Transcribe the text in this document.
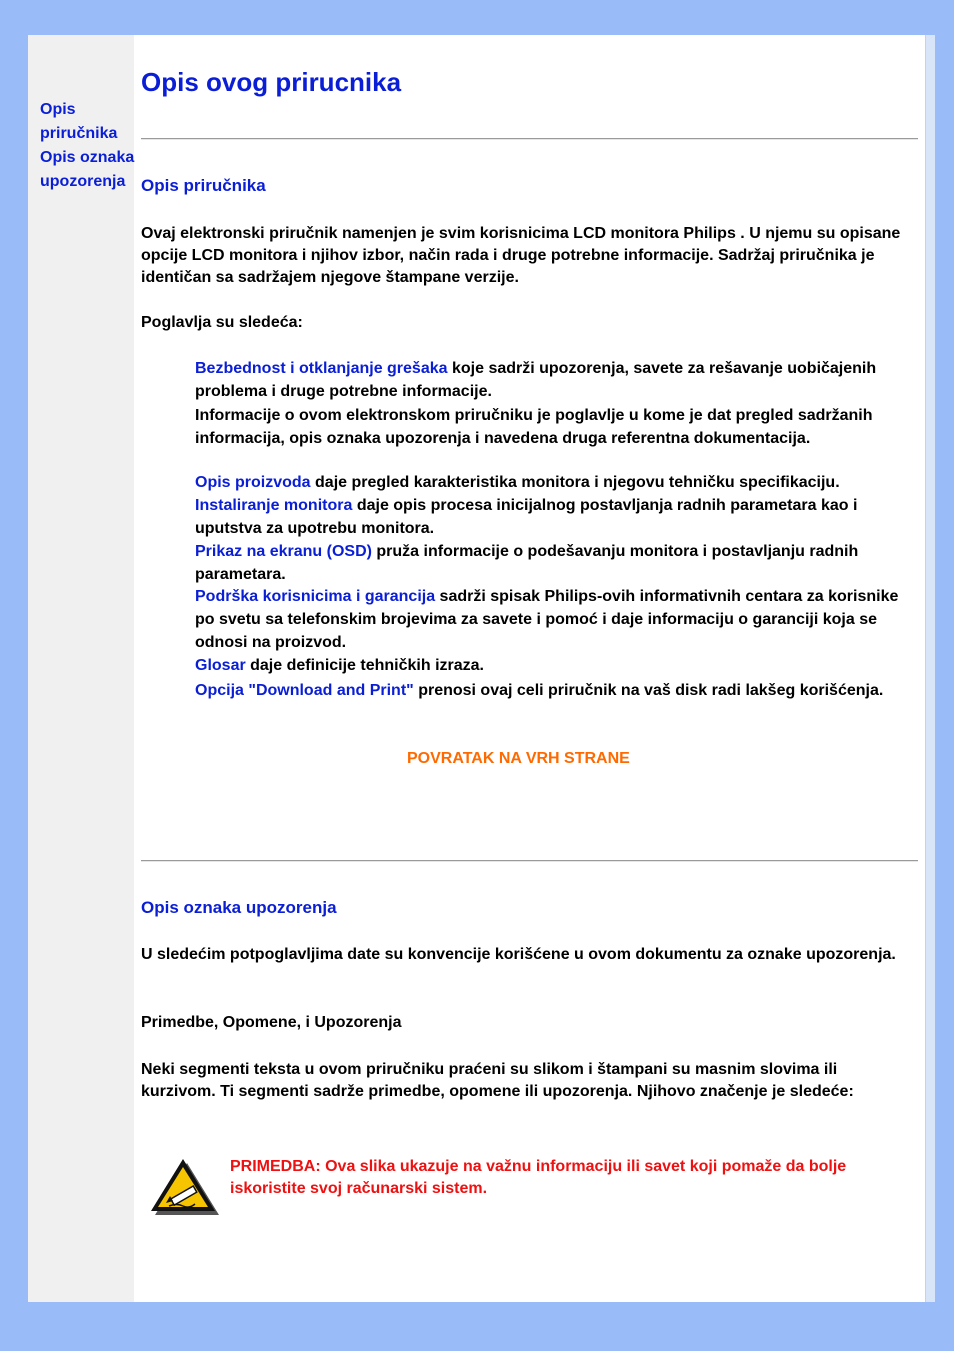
Opis priručnika
Opis oznaka upozorenja
Opis ovog prirucnika
Opis priručnika

Ovaj elektronski priručnik namenjen je svim korisnicima LCD monitora Philips . U njemu su opisane opcije LCD monitora i njihov izbor, način rada i druge potrebne informacije. Sadržaj priručnika je identičan sa sadržajem njegove štampane verzije.

Poglavlja su sledeća:

Bezbednost i otklanjanje grešaka koje sadrži upozorenja, savete za rešavanje uobičajenih problema i druge potrebne informacije.
Informacije o ovom elektronskom priručniku je poglavlje u kome je dat pregled sadržanih informacija, opis oznaka upozorenja i navedena druga referentna dokumentacija.
Opis proizvoda daje pregled karakteristika monitora i njegovu tehničku specifikaciju.
Instaliranje monitora daje opis procesa inicijalnog postavljanja radnih parametara kao i uputstva za upotrebu monitora.
Prikaz na ekranu (OSD) pruža informacije o podešavanju monitora i postavljanju radnih parametara.
Podrška korisnicima i garancija sadrži spisak Philips-ovih informativnih centara za korisnike po svetu sa telefonskim brojevima za savete i pomoć i daje informaciju o garanciji koja se odnosi na proizvod.
Glosar daje definicije tehničkih izraza.
Opcija "Download and Print" prenosi ovaj celi priručnik na vaš disk radi lakšeg korišćenja.
POVRATAK NA VRH STRANE
Opis oznaka upozorenja

U sledećim potpoglavljima date su konvencije korišćene u ovom dokumentu za oznake upozorenja.

Primedbe, Opomene, i Upozorenja

Neki segmenti teksta u ovom priručniku praćeni su slikom i štampani su masnim slovima ili kurzivom. Ti segmenti sadrže primedbe, opomene ili upozorenja. Njihovo značenje je sledeće:

PRIMEDBA: Ova slika ukazuje na važnu informaciju ili savet koji pomaže da bolje iskoristite svoj računarski sistem.
